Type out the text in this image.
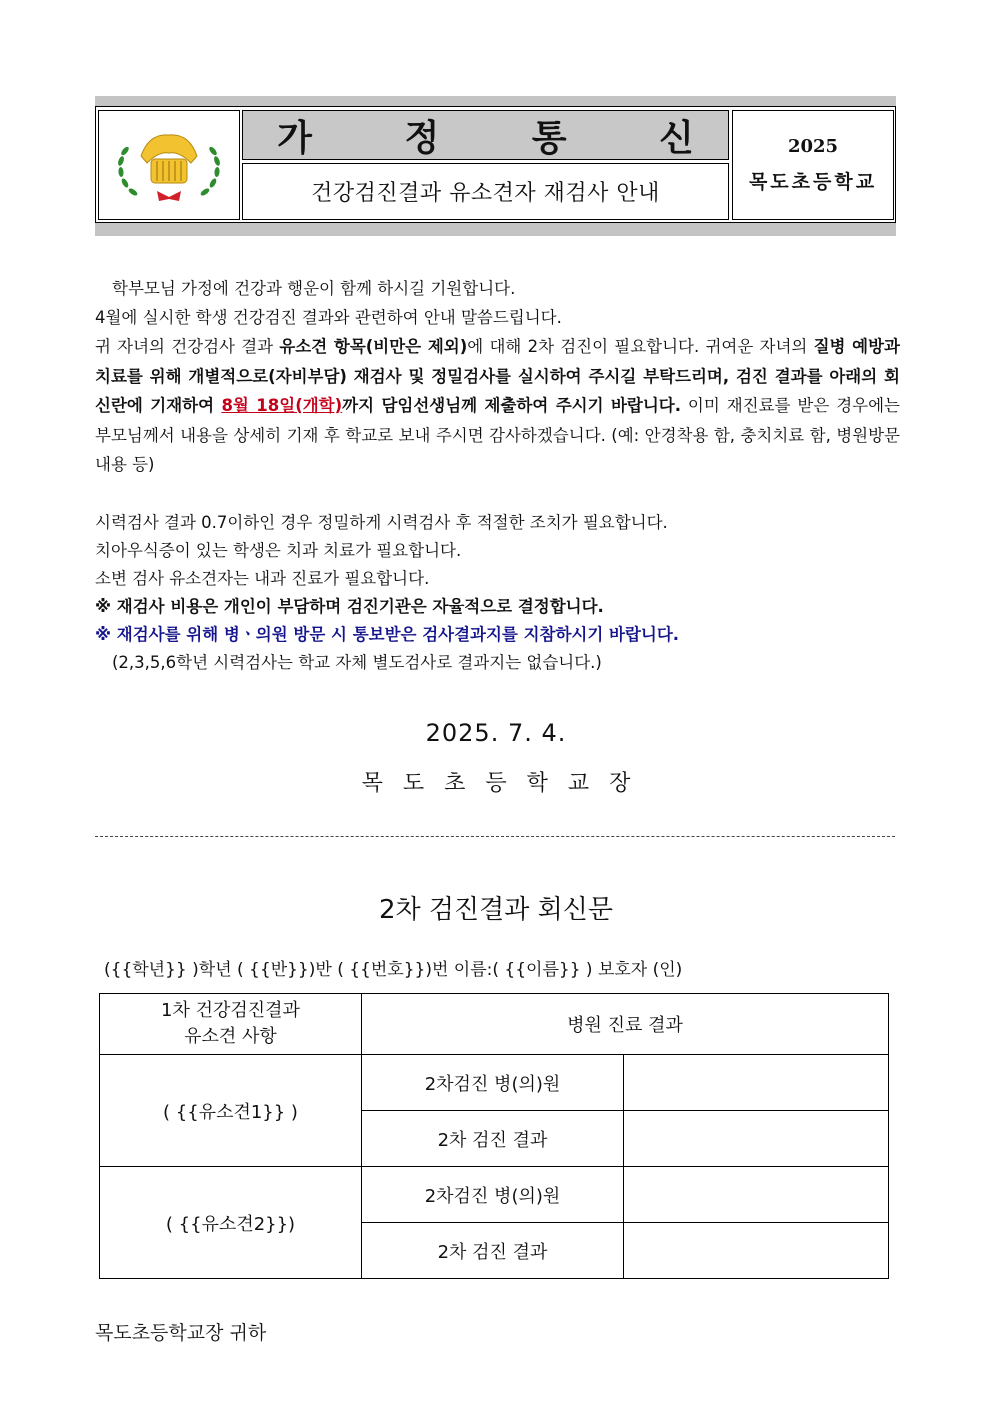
가 정 통 신
건강검진결과 유소견자 재검사 안내
2025
목도초등학교
학부모님 가정에 건강과 행운이 함께 하시길 기원합니다.
4월에 실시한 학생 건강검진 결과와 관련하여 안내 말씀드립니다.
귀 자녀의 건강검사 결과 유소견 항목(비만은 제외)에 대해 2차 검진이 필요합니다. 귀여운 자녀의 질병 예방과 치료를 위해 개별적으로(자비부담) 재검사 및 정밀검사를 실시하여 주시길 부탁드리며, 검진 결과를 아래의 회신란에 기재하여 8월 18일(개학)까지 담임선생님께 제출하여 주시기 바랍니다. 이미 재진료를 받은 경우에는 부모님께서 내용을 상세히 기재 후 학교로 보내 주시면 감사하겠습니다. (예: 안경착용 함, 충치치료 함, 병원방문 내용 등)
시력검사 결과 0.7이하인 경우 정밀하게 시력검사 후 적절한 조치가 필요합니다.
치아우식증이 있는 학생은 치과 치료가 필요합니다.
소변 검사 유소견자는 내과 진료가 필요합니다.
※ 재검사 비용은 개인이 부담하며 검진기관은 자율적으로 결정합니다.
※ 재검사를 위해 병ㆍ의원 방문 시 통보받은 검사결과지를 지참하시기 바랍니다.
(2,3,5,6학년 시력검사는 학교 자체 별도검사로 결과지는 없습니다.)
2025. 7. 4.
목도초등학교장
2차 검진결과 회신문
({{학년}} )학년 ( {{반}})반 ( {{번호}})번 이름:( {{이름}} ) 보호자 (인)
1차 건강검진결과
유소견 사항	병원 진료 결과	
( {{유소견1}} )	2차검진 병(의)원	
	2차 검진 결과	
( {{유소견2}})	2차검진 병(의)원	
	2차 검진 결과	
목도초등학교장 귀하
